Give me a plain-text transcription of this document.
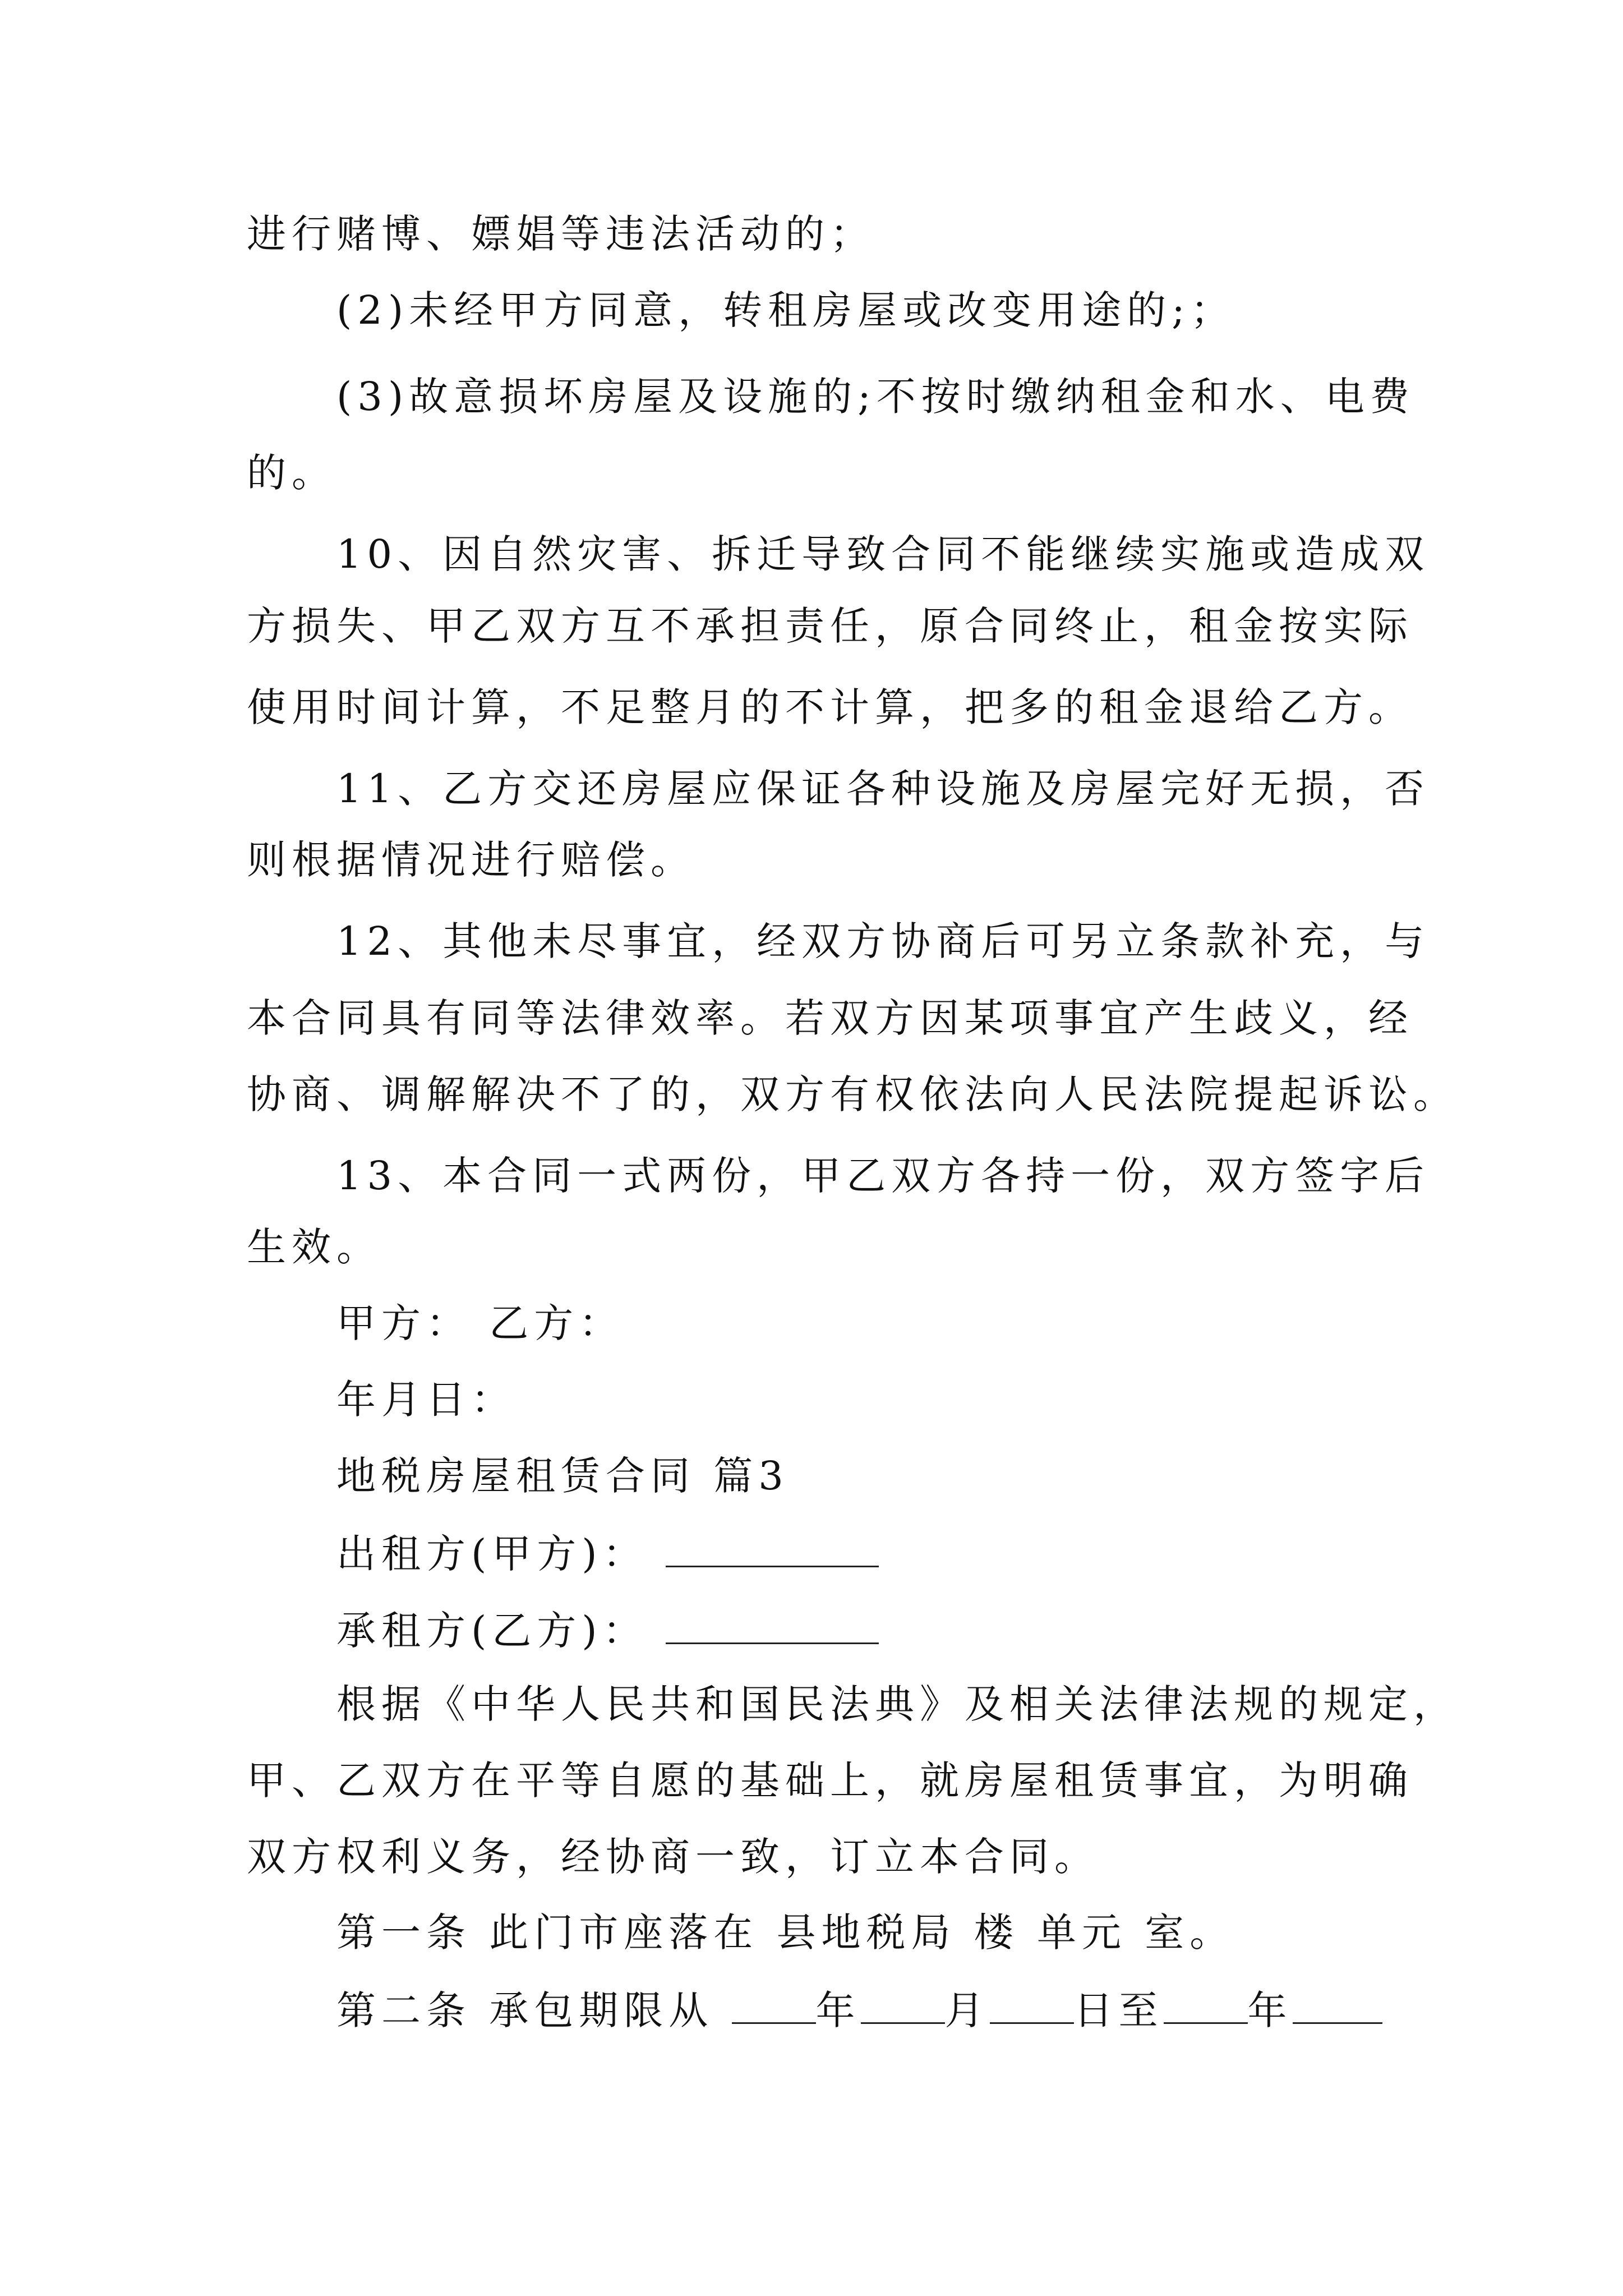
进行赌博、嫖娼等违法活动的；
(2)未经甲方同意，转租房屋或改变用途的;；
(3)故意损坏房屋及设施的;不按时缴纳租金和水、电费
的。
10、因自然灾害、拆迁导致合同不能继续实施或造成双
方损失、甲乙双方互不承担责任，原合同终止，租金按实际
使用时间计算，不足整月的不计算，把多的租金退给乙方。
11、乙方交还房屋应保证各种设施及房屋完好无损，否
则根据情况进行赔偿。
12、其他未尽事宜，经双方协商后可另立条款补充，与
本合同具有同等法律效率。若双方因某项事宜产生歧义，经
协商、调解解决不了的，双方有权依法向人民法院提起诉讼。
13、本合同一式两份，甲乙双方各持一份，双方签字后
生效。
甲方： 乙方：
年月日：
地税房屋租赁合同 篇3
出租方(甲方)：
承租方(乙方)：
根据《中华人民共和国民法典》及相关法律法规的规定，
甲、乙双方在平等自愿的基础上，就房屋租赁事宜，为明确
双方权利义务，经协商一致，订立本合同。
第一条 此门市座落在 县地税局 楼 单元 室。
第二条 承包期限从	年 月 日至 年
